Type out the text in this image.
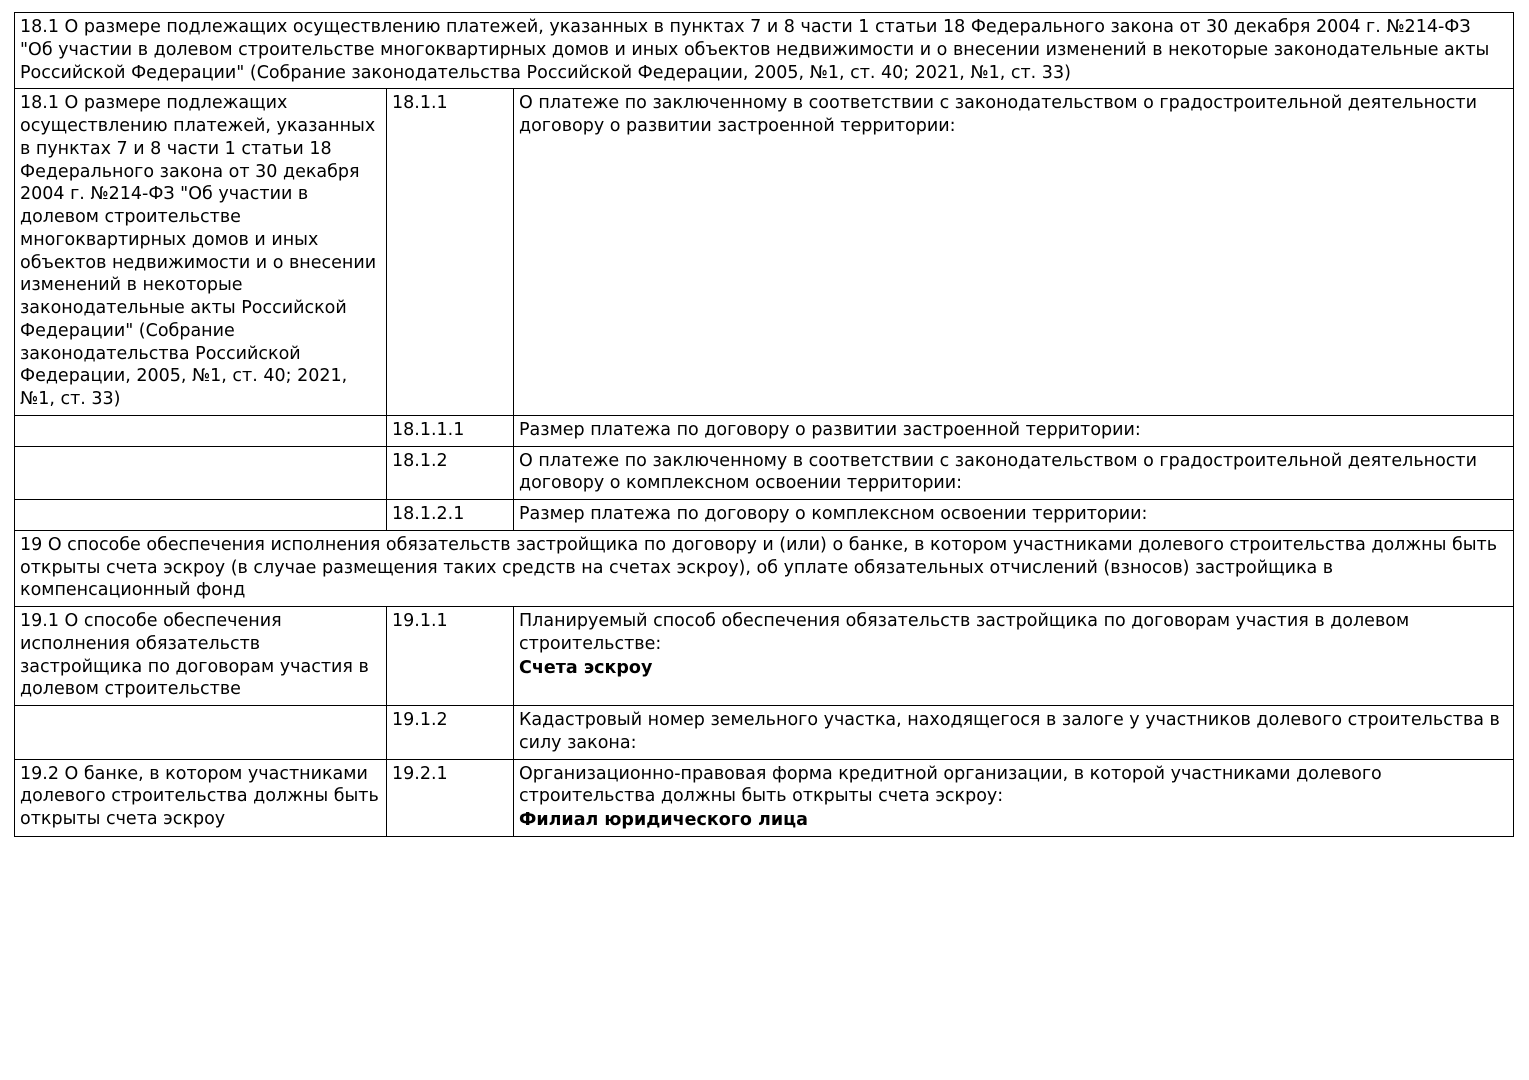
18.1 О размере подлежащих осуществлению платежей, указанных в пунктах 7 и 8 части 1 статьи 18 Федерального закона от 30 декабря 2004 г. №214-ФЗ "Об участии в долевом строительстве многоквартирных домов и иных объектов недвижимости и о внесении изменений в некоторые законодательные акты Российской Федерации" (Собрание законодательства Российской Федерации, 2005, №1, ст. 40; 2021, №1, ст. 33)		
18.1 О размере подлежащих осуществлению платежей, указанных в пунктах 7 и 8 части 1 статьи 18 Федерального закона от 30 декабря 2004 г. №214-ФЗ "Об участии в долевом строительстве многоквартирных домов и иных объектов недвижимости и о внесении изменений в некоторые законодательные акты Российской Федерации" (Собрание законодательства Российской Федерации, 2005, №1, ст. 40; 2021, №1, ст. 33)	18.1.1	О платеже по заключенному в соответствии с законодательством о градостроительной деятельности договору о развитии застроенной территории:
	18.1.1.1	Размер платежа по договору о развитии застроенной территории:
	18.1.2	О платеже по заключенному в соответствии с законодательством о градостроительной деятельности договору о комплексном освоении территории:
	18.1.2.1	Размер платежа по договору о комплексном освоении территории:
19 О способе обеспечения исполнения обязательств застройщика по договору и (или) о банке, в котором участниками долевого строительства должны быть открыты счета эскроу (в случае размещения таких средств на счетах эскроу), об уплате обязательных отчислений (взносов) застройщика в компенсационный фонд		
19.1 О способе обеспечения исполнения обязательств застройщика по договорам участия в долевом строительстве	19.1.1	Планируемый способ обеспечения обязательств застройщика по договорам участия в долевом строительстве:
Счета эскроу

	19.1.2	Кадастровый номер земельного участка, находящегося в залоге у участников долевого строительства в силу закона:
19.2 О банке, в котором участниками долевого строительства должны быть открыты счета эскроу	19.2.1	Организационно-правовая форма кредитной организации, в которой участниками долевого строительства должны быть открыты счета эскроу:
Филиал юридического лица
